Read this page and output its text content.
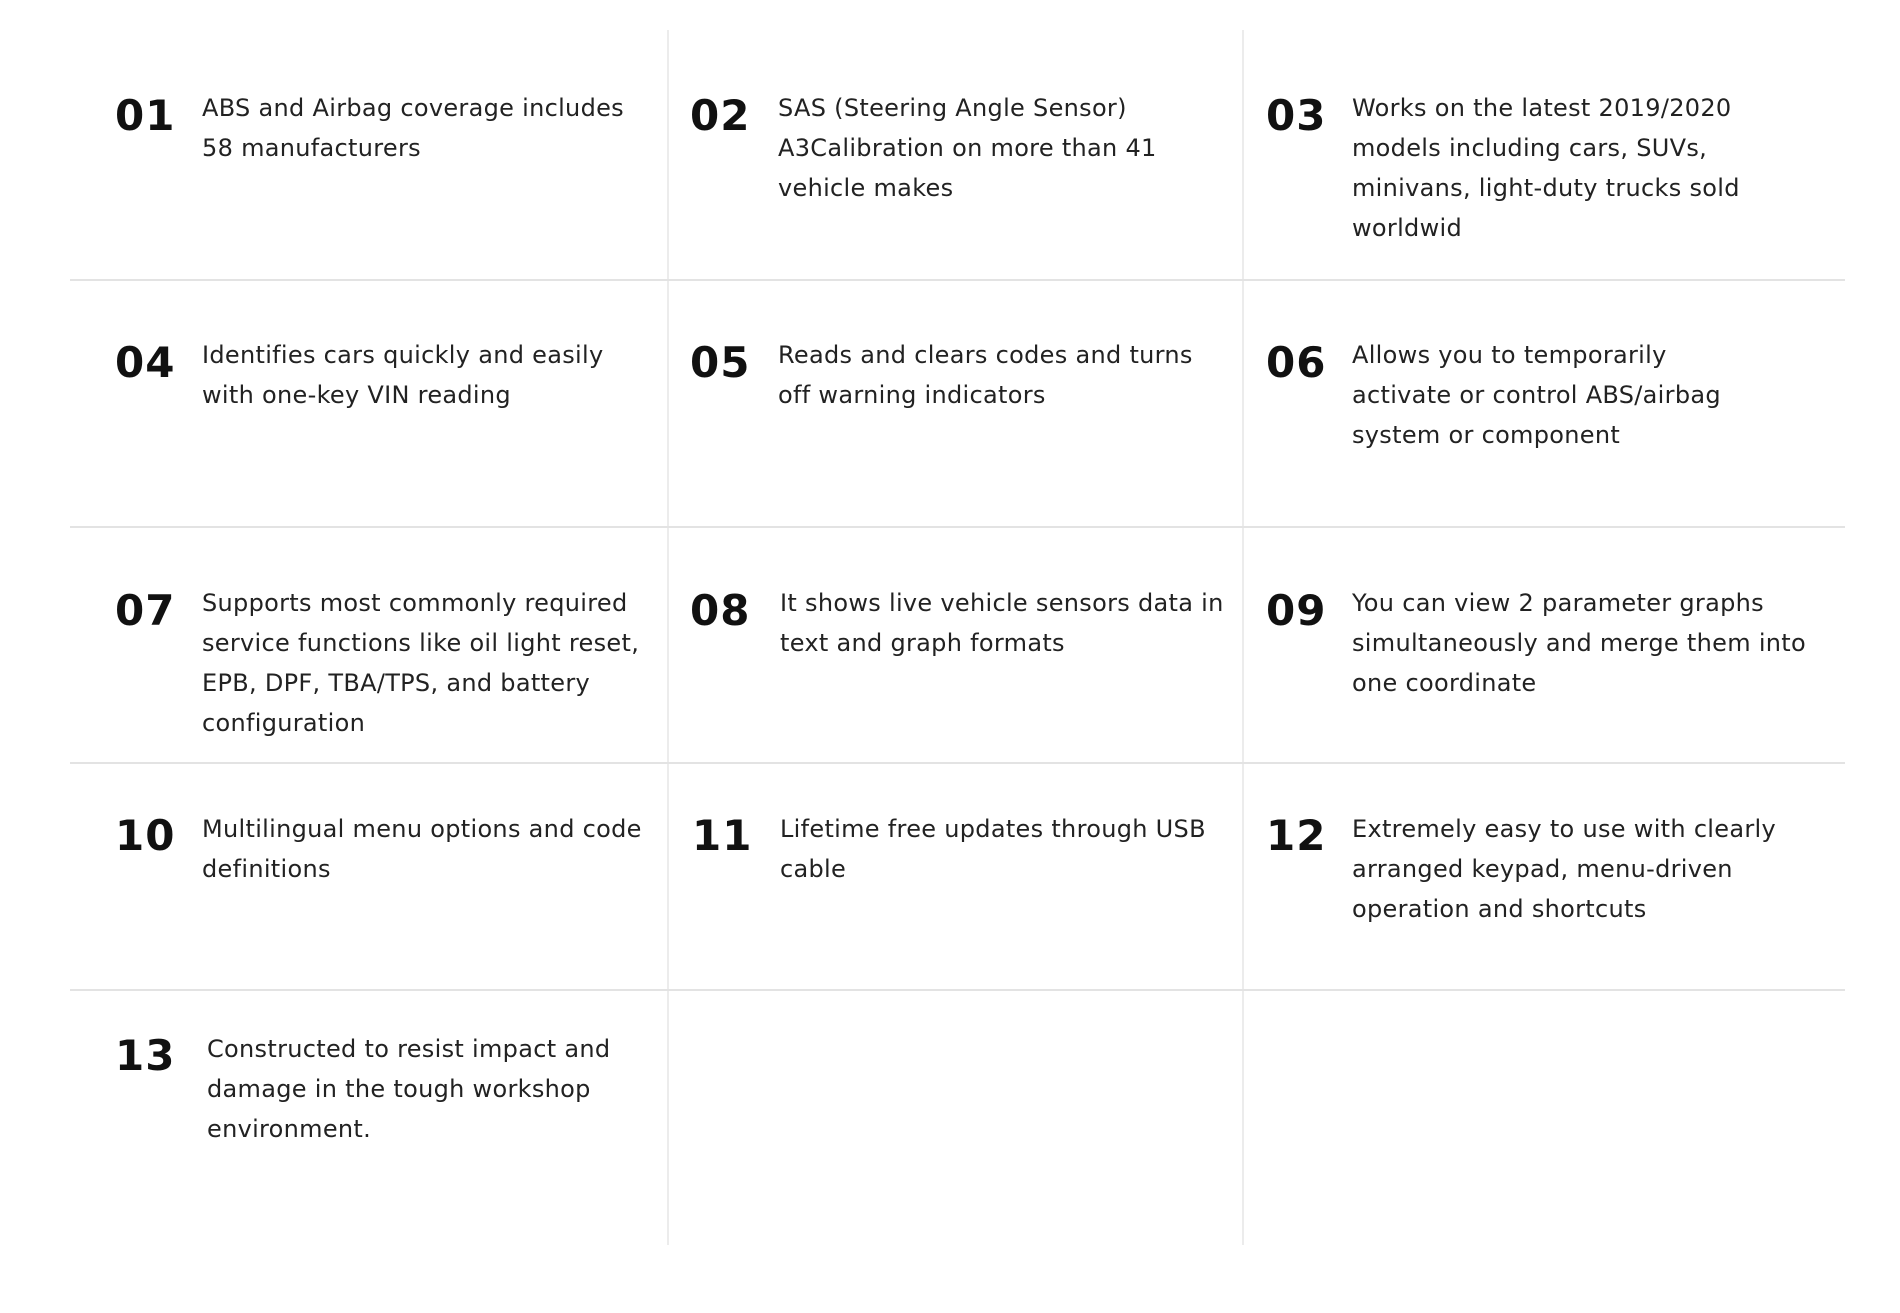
01 ABS and Airbag coverage includes 58 manufacturers
02 SAS (Steering Angle Sensor) A3Calibration on more than 41 vehicle makes
03 Works on the latest 2019/2020 models including cars, SUVs, minivans, light-duty trucks sold worldwid
04 Identifies cars quickly and easily with one-key VIN reading
05 Reads and clears codes and turns off warning indicators
06 Allows you to temporarily activate or control ABS/airbag system or component
07 Supports most commonly required service functions like oil light reset, EPB, DPF, TBA/TPS, and battery configuration
08 It shows live vehicle sensors data in text and graph formats
09 You can view 2 parameter graphs simultaneously and merge them into one coordinate
10 Multilingual menu options and code definitions
11 Lifetime free updates through USB cable
12 Extremely easy to use with clearly arranged keypad, menu-driven operation and shortcuts
13 Constructed to resist impact and damage in the tough workshop environment.
